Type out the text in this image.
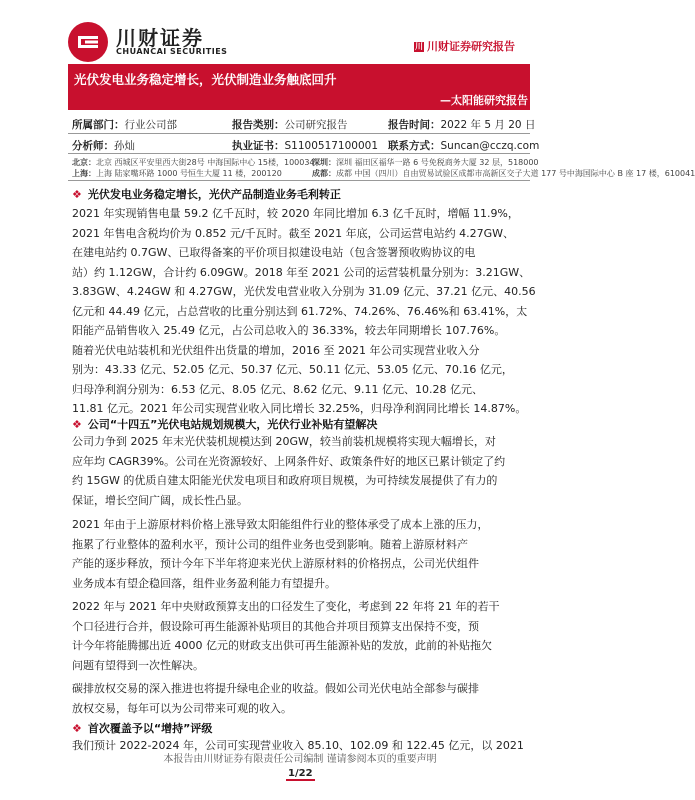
川财证券
CHUANCAI SECURITIES
川 川财证券研究报告
光伏发电业务稳定增长，光伏制造业务触底回升
—太阳能研究报告
所属部门：行业公司部	报告类别：公司研究报告	报告时间：2022 年 5 月 20 日
分析师：孙灿	执业证书：S1100517100001 联系方式：Suncan@cczq.com
北京：北京 西城区平安里西大街28号 中海国际中心 15楼，100034
深圳：深圳 福田区福华一路 6 号免税商务大厦 32 层，518000
上海：上海 陆家嘴环路 1000 号恒生大厦 11 楼，200120	成都：成都 中国（四川）自由贸易试验区成都市高新区交子大道 177 号中海国际中心 B 座 17 楼，610041
❖ 光伏发电业务稳定增长，光伏产品制造业务毛利转正
2021 年实现销售电量 59.2 亿千瓦时，较 2020 年同比增加 6.3 亿千瓦时，增幅 11.9%，
2021 年售电含税均价为 0.852 元/千瓦时。截至 2021 年底，公司运营电站约 4.27GW、
在建电站约 0.7GW、已取得备案的平价项目拟建设电站（包含签署预收购协议的电
站）约 1.12GW，合计约 6.09GW。2018 年至 2021 公司的运营装机量分别为：3.21GW、
3.83GW、4.24GW 和 4.27GW，光伏发电营业收入分别为 31.09 亿元、37.21 亿元、40.56
亿元和 44.49 亿元，占总营收的比重分别达到 61.72%、74.26%、76.46%和 63.41%，太
阳能产品销售收入 25.49 亿元，占公司总收入的 36.33%，较去年同期增长 107.76%。
随着光伏电站装机和光伏组件出货量的增加，2016 至 2021 年公司实现营业收入分
别为：43.33 亿元、52.05 亿元、50.37 亿元、50.11 亿元、53.05 亿元、70.16 亿元，
归母净利润分别为：6.53 亿元、8.05 亿元、8.62 亿元、9.11 亿元、10.28 亿元、
11.81 亿元。2021 年公司实现营业收入同比增长 32.25%，归母净利润同比增长 14.87%。
❖ 公司“十四五”光伏电站规划规模大，光伏行业补贴有望解决
公司力争到 2025 年末光伏装机规模达到 20GW，较当前装机规模将实现大幅增长，对
应年均 CAGR39%。公司在光资源较好、上网条件好、政策条件好的地区已累计锁定了约
约 15GW 的优质自建太阳能光伏发电项目和政府项目规模，为可持续发展提供了有力的
保证，增长空间广阔，成长性凸显。
2021 年由于上游原材料价格上涨导致太阳能组件行业的整体承受了成本上涨的压力，
拖累了行业整体的盈利水平，预计公司的组件业务也受到影响。随着上游原材料产
产能的逐步释放，预计今年下半年将迎来光伏上游原材料的价格拐点，公司光伏组件
业务成本有望企稳回落，组件业务盈利能力有望提升。
2022 年与 2021 年中央财政预算支出的口径发生了变化，考虑到 22 年将 21 年的若干
个口径进行合并，假设除可再生能源补贴项目的其他合并项目预算支出保持不变，预
计今年将能腾挪出近 4000 亿元的财政支出供可再生能源补贴的发放，此前的补贴拖欠
问题有望得到一次性解决。
碳排放权交易的深入推进也将提升绿电企业的收益。假如公司光伏电站全部参与碳排
放权交易，每年可以为公司带来可观的收入。
❖ 首次覆盖予以“增持”评级
我们预计 2022-2024 年，公司可实现营业收入 85.10、102.09 和 122.45 亿元，以 2021
本报告由川财证券有限责任公司编制 谨请参阅本页的重要声明
1/22
